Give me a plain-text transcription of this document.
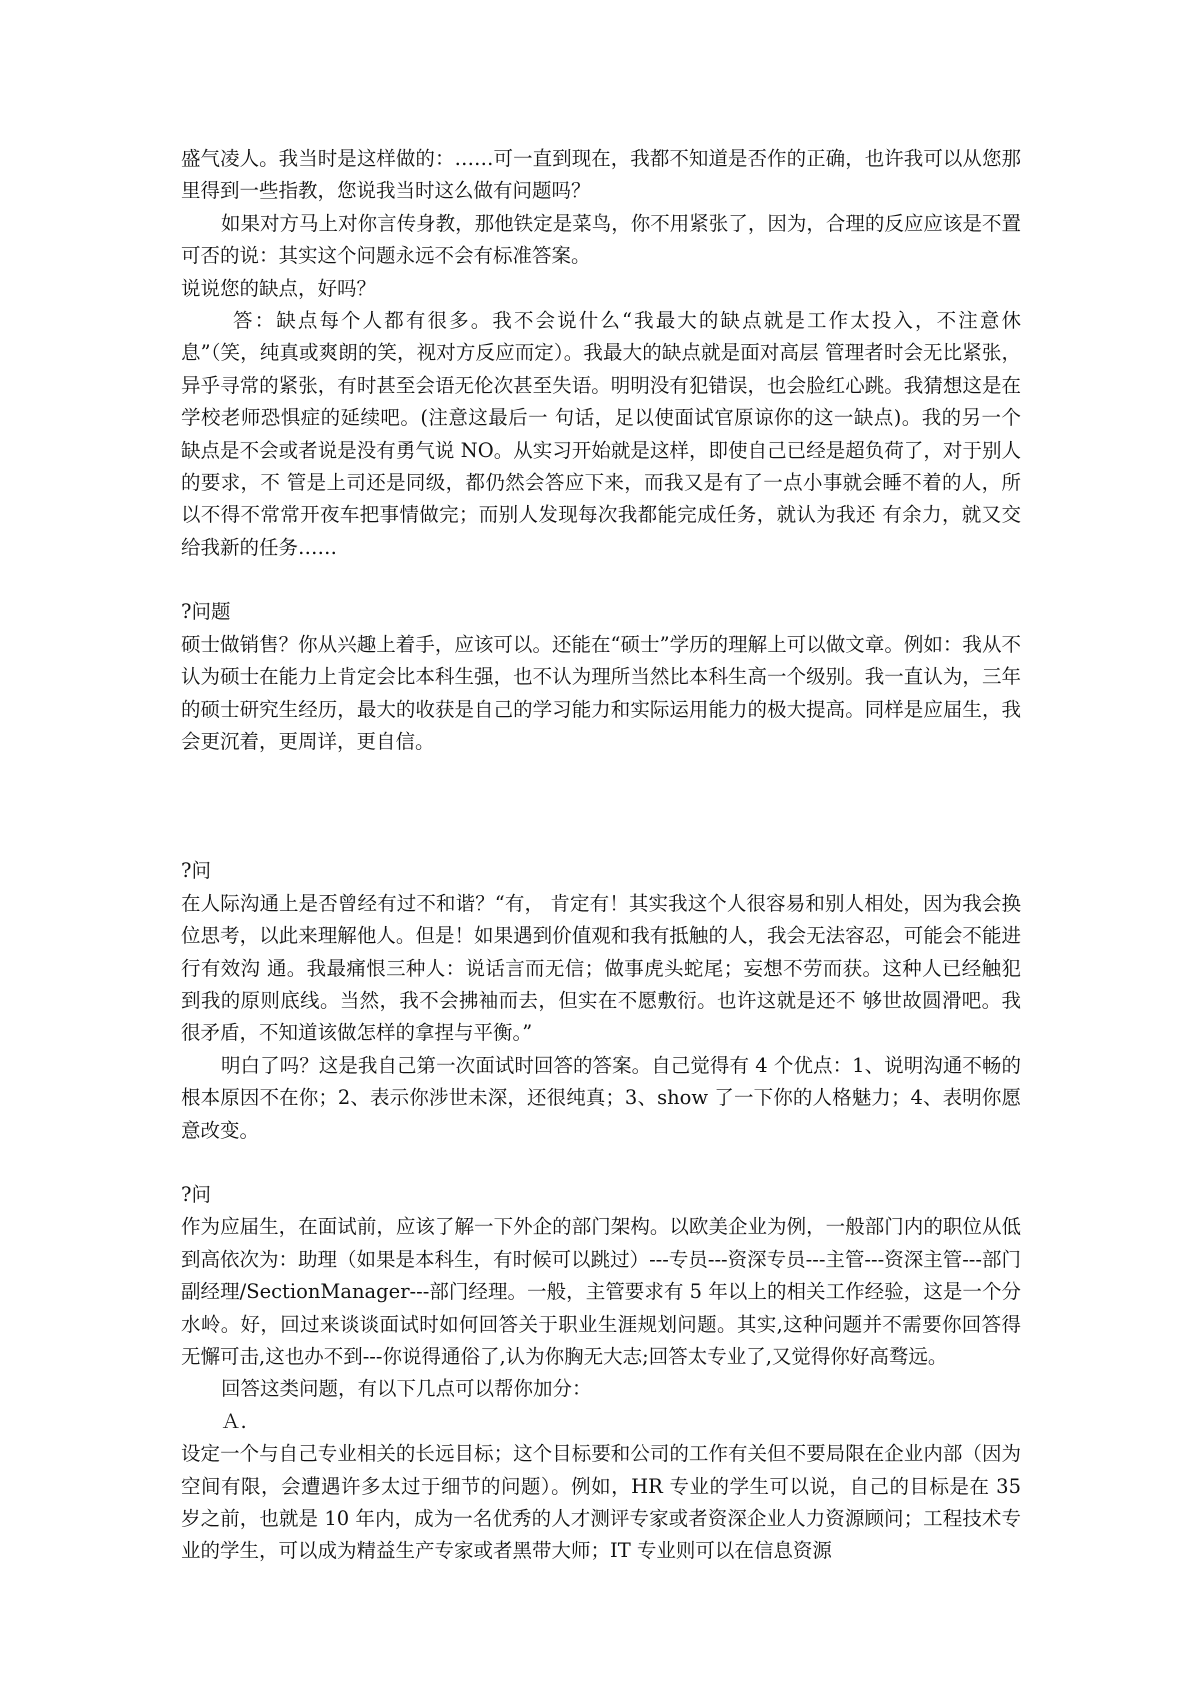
盛气凌人。我当时是这样做的：……可一直到现在，我都不知道是否作的正确，也许我可以从您那里得到一些指教，您说我当时这么做有问题吗？

如果对方马上对你言传身教，那他铁定是菜鸟，你不用紧张了，因为，合理的反应应该是不置可否的说：其实这个问题永远不会有标准答案。

说说您的缺点，好吗？

答：缺点每个人都有很多。我不会说什么“我最大的缺点就是工作太投入，不注意休息”（笑，纯真或爽朗的笑，视对方反应而定）。我最大的缺点就是面对高层 管理者时会无比紧张，异乎寻常的紧张，有时甚至会语无伦次甚至失语。明明没有犯错误，也会脸红心跳。我猜想这是在学校老师恐惧症的延续吧。(注意这最后一 句话，足以使面试官原谅你的这一缺点)。我的另一个缺点是不会或者说是没有勇气说 NO。从实习开始就是这样，即使自己已经是超负荷了，对于别人的要求，不 管是上司还是同级，都仍然会答应下来，而我又是有了一点小事就会睡不着的人，所以不得不常常开夜车把事情做完；而别人发现每次我都能完成任务，就认为我还 有余力，就又交给我新的任务……

?问题

硕士做销售？你从兴趣上着手，应该可以。还能在“硕士”学历的理解上可以做文章。例如：我从不认为硕士在能力上肯定会比本科生强，也不认为理所当然比本科生高一个级别。我一直认为，三年的硕士研究生经历，最大的收获是自己的学习能力和实际运用能力的极大提高。同样是应届生，我会更沉着，更周详，更自信。

?问

在人际沟通上是否曾经有过不和谐？“有， 肯定有！其实我这个人很容易和别人相处，因为我会换位思考，以此来理解他人。但是！如果遇到价值观和我有抵触的人，我会无法容忍，可能会不能进行有效沟 通。我最痛恨三种人：说话言而无信；做事虎头蛇尾；妄想不劳而获。这种人已经触犯到我的原则底线。当然，我不会拂袖而去，但实在不愿敷衍。也许这就是还不 够世故圆滑吧。我很矛盾，不知道该做怎样的拿捏与平衡。”

明白了吗？这是我自己第一次面试时回答的答案。自己觉得有 4 个优点：1、说明沟通不畅的根本原因不在你；2、表示你涉世未深，还很纯真；3、show 了一下你的人格魅力；4、表明你愿意改变。

?问

作为应届生，在面试前，应该了解一下外企的部门架构。以欧美企业为例，一般部门内的职位从低到高依次为：助理（如果是本科生，有时候可以跳过）---专员---资深专员---主管---资深主管---部门副经理/SectionManager---部门经理。一般，主管要求有 5 年以上的相关工作经验，这是一个分水岭。好，回过来谈谈面试时如何回答关于职业生涯规划问题。其实,这种问题并不需要你回答得无懈可击,这也办不到---你说得通俗了,认为你胸无大志;回答太专业了,又觉得你好高骛远。

回答这类问题，有以下几点可以帮你加分：

Ａ.

设定一个与自己专业相关的长远目标；这个目标要和公司的工作有关但不要局限在企业内部（因为空间有限，会遭遇许多太过于细节的问题）。例如，HR 专业的学生可以说，自己的目标是在 35 岁之前，也就是 10 年内，成为一名优秀的人才测评专家或者资深企业人力资源顾问；工程技术专业的学生，可以成为精益生产专家或者黑带大师；IT 专业则可以在信息资源
